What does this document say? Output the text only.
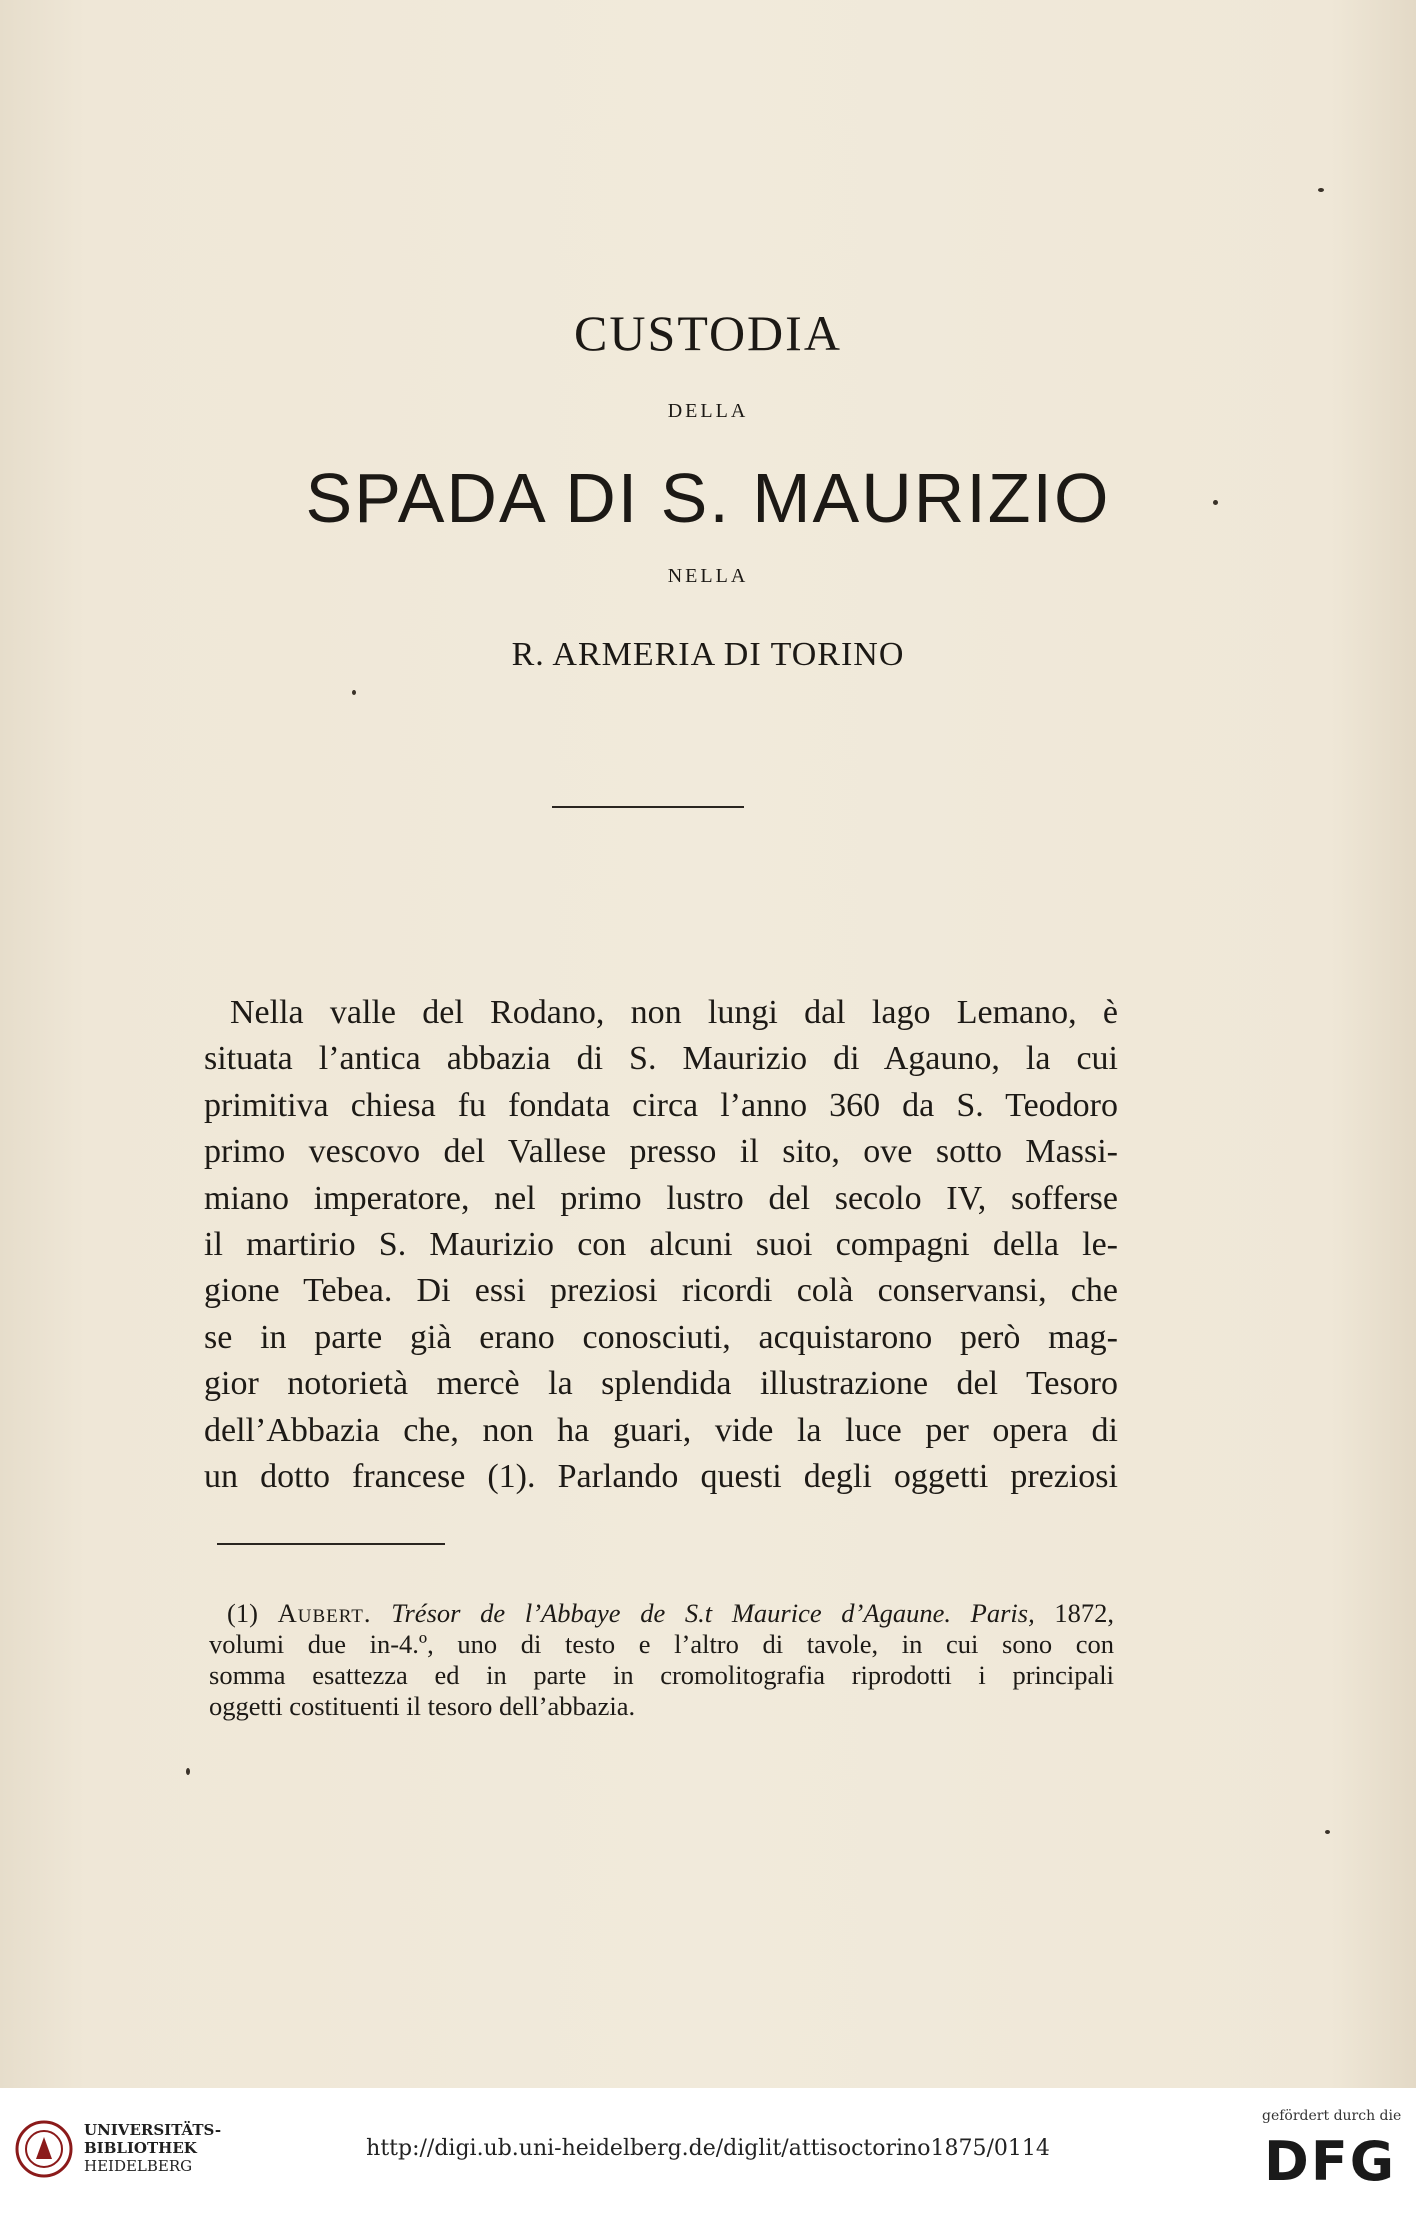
CUSTODIA
DELLA
SPADA DI S. MAURIZIO
NELLA
R. ARMERIA DI TORINO
Nella valle del Rodano, non lungi dal lago Lemano, è
situata l’antica abbazia di S. Maurizio di Agauno, la cui
primitiva chiesa fu fondata circa l’anno 360 da S. Teodoro
primo vescovo del Vallese presso il sito, ove sotto Massi-
miano imperatore, nel primo lustro del secolo IV, sofferse
il martirio S. Maurizio con alcuni suoi compagni della le-
gione Tebea. Di essi preziosi ricordi colà conservansi, che
se in parte già erano conosciuti, acquistarono però mag-
gior notorietà mercè la splendida illustrazione del Tesoro
dell’Abbazia che, non ha guari, vide la luce per opera di
un dotto francese (1). Parlando questi degli oggetti preziosi
(1) Aubert. Trésor de l’Abbaye de S.t Maurice d’Agaune. Paris, 1872,
volumi due in-4.º, uno di testo e l’altro di tavole, in cui sono con
somma esattezza ed in parte in cromolitografia riprodotti i principali
oggetti costituenti il tesoro dell’abbazia.
UNIVERSITÄTS-
BIBLIOTHEK
HEIDELBERG
http://digi.ub.uni-heidelberg.de/diglit/attisoctorino1875/0114
gefördert durch die
DFG
